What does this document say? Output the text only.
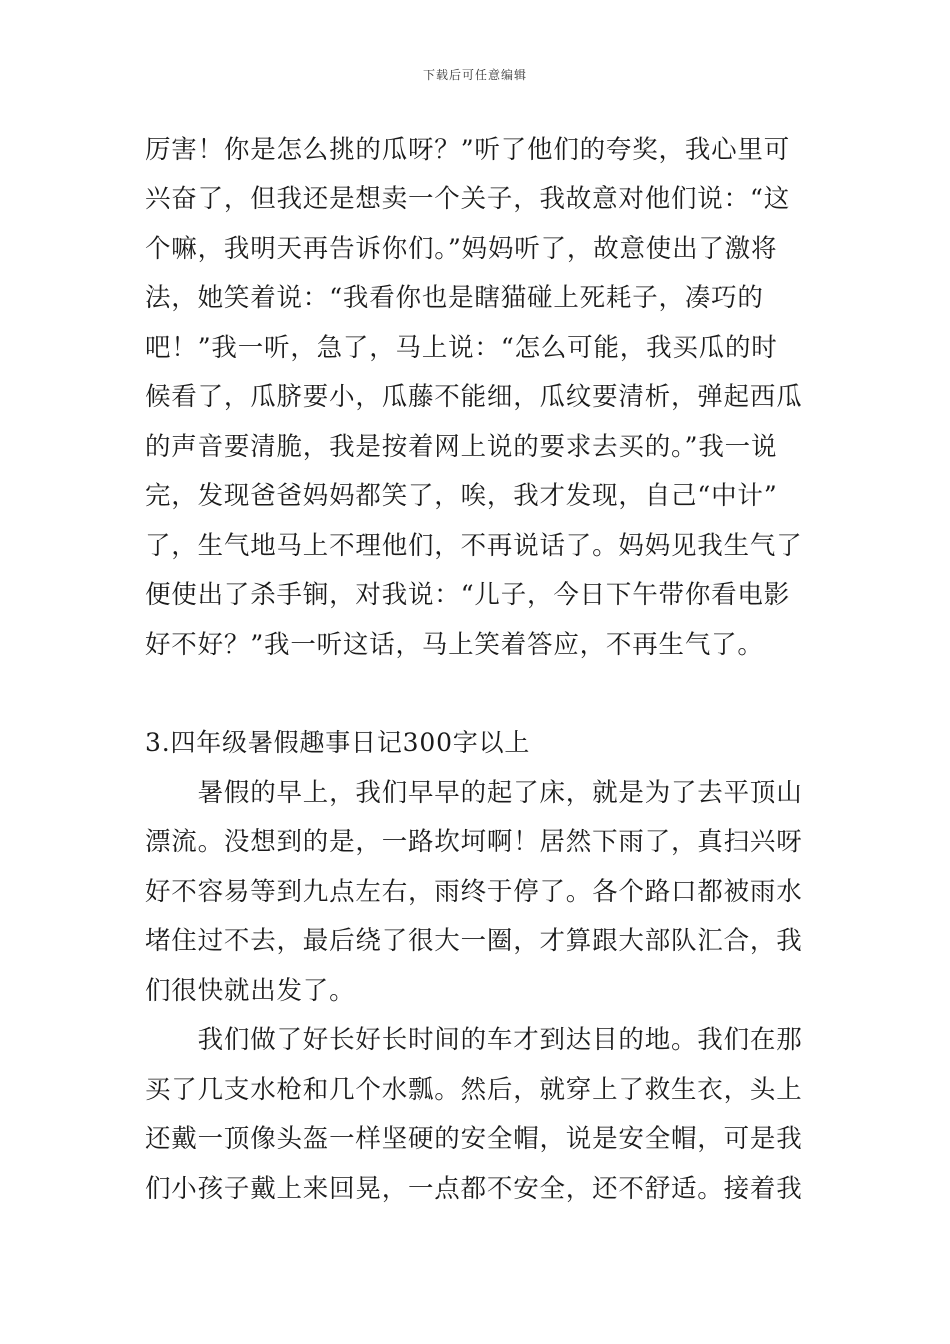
下载后可任意编辑
厉害！你是怎么挑的瓜呀？”听了他们的夸奖，我心里可
兴奋了，但我还是想卖一个关子，我故意对他们说：“这
个嘛，我明天再告诉你们。”妈妈听了，故意使出了激将
法，她笑着说：“我看你也是瞎猫碰上死耗子，凑巧的
吧！”我一听，急了，马上说：“怎么可能，我买瓜的时
候看了，瓜脐要小，瓜藤不能细，瓜纹要清析，弹起西瓜
的声音要清脆，我是按着网上说的要求去买的。”我一说
完，发现爸爸妈妈都笑了，唉，我才发现，自己“中计”
了，生气地马上不理他们，不再说话了。妈妈见我生气了
便使出了杀手锏，对我说：“儿子，今日下午带你看电影
好不好？”我一听这话，马上笑着答应，不再生气了。
3.四年级暑假趣事日记300字以上
　　暑假的早上，我们早早的起了床，就是为了去平顶山
漂流。没想到的是，一路坎坷啊！居然下雨了，真扫兴呀
好不容易等到九点左右，雨终于停了。各个路口都被雨水
堵住过不去，最后绕了很大一圈，才算跟大部队汇合，我
们很快就出发了。
　　我们做了好长好长时间的车才到达目的地。我们在那
买了几支水枪和几个水瓢。然后，就穿上了救生衣，头上
还戴一顶像头盔一样坚硬的安全帽，说是安全帽，可是我
们小孩子戴上来回晃，一点都不安全，还不舒适。接着我
